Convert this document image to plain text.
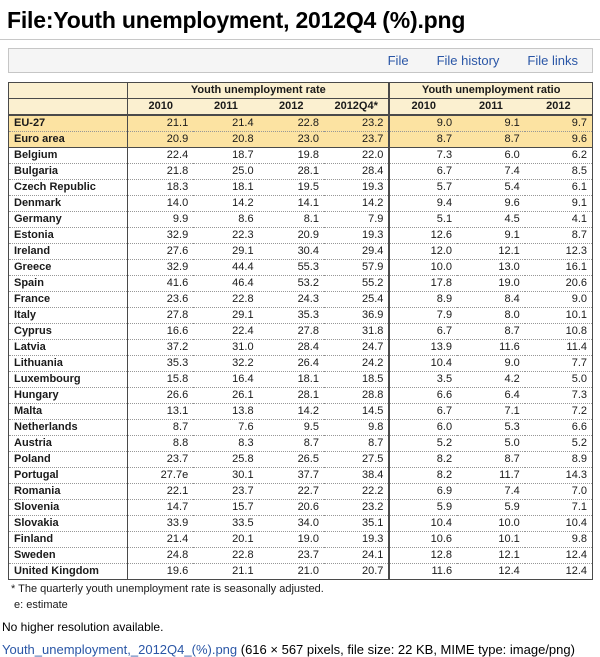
File:Youth unemployment, 2012Q4 (%).png
File File history File links
	Youth unemployment rate				Youth unemployment ratio		
	2010	2011	2012	2012Q4*	2010	2011	2012
EU-27	21.1	21.4	22.8	23.2	9.0	9.1	9.7
Euro area	20.9	20.8	23.0	23.7	8.7	8.7	9.6
Belgium	22.4	18.7	19.8	22.0	7.3	6.0	6.2
Bulgaria	21.8	25.0	28.1	28.4	6.7	7.4	8.5
Czech Republic	18.3	18.1	19.5	19.3	5.7	5.4	6.1
Denmark	14.0	14.2	14.1	14.2	9.4	9.6	9.1
Germany	9.9	8.6	8.1	7.9	5.1	4.5	4.1
Estonia	32.9	22.3	20.9	19.3	12.6	9.1	8.7
Ireland	27.6	29.1	30.4	29.4	12.0	12.1	12.3
Greece	32.9	44.4	55.3	57.9	10.0	13.0	16.1
Spain	41.6	46.4	53.2	55.2	17.8	19.0	20.6
France	23.6	22.8	24.3	25.4	8.9	8.4	9.0
Italy	27.8	29.1	35.3	36.9	7.9	8.0	10.1
Cyprus	16.6	22.4	27.8	31.8	6.7	8.7	10.8
Latvia	37.2	31.0	28.4	24.7	13.9	11.6	11.4
Lithuania	35.3	32.2	26.4	24.2	10.4	9.0	7.7
Luxembourg	15.8	16.4	18.1	18.5	3.5	4.2	5.0
Hungary	26.6	26.1	28.1	28.8	6.6	6.4	7.3
Malta	13.1	13.8	14.2	14.5	6.7	7.1	7.2
Netherlands	8.7	7.6	9.5	9.8	6.0	5.3	6.6
Austria	8.8	8.3	8.7	8.7	5.2	5.0	5.2
Poland	23.7	25.8	26.5	27.5	8.2	8.7	8.9
Portugal	27.7e	30.1	37.7	38.4	8.2	11.7	14.3
Romania	22.1	23.7	22.7	22.2	6.9	7.4	7.0
Slovenia	14.7	15.7	20.6	23.2	5.9	5.9	7.1
Slovakia	33.9	33.5	34.0	35.1	10.4	10.0	10.4
Finland	21.4	20.1	19.0	19.3	10.6	10.1	9.8
Sweden	24.8	22.8	23.7	24.1	12.8	12.1	12.4
United Kingdom	19.6	21.1	21.0	20.7	11.6	12.4	12.4
* The quarterly youth unemployment rate is seasonally adjusted.
e: estimate
No higher resolution available.
Youth_unemployment,_2012Q4_(%).png (616 × 567 pixels, file size: 22 KB, MIME type: image/png)
